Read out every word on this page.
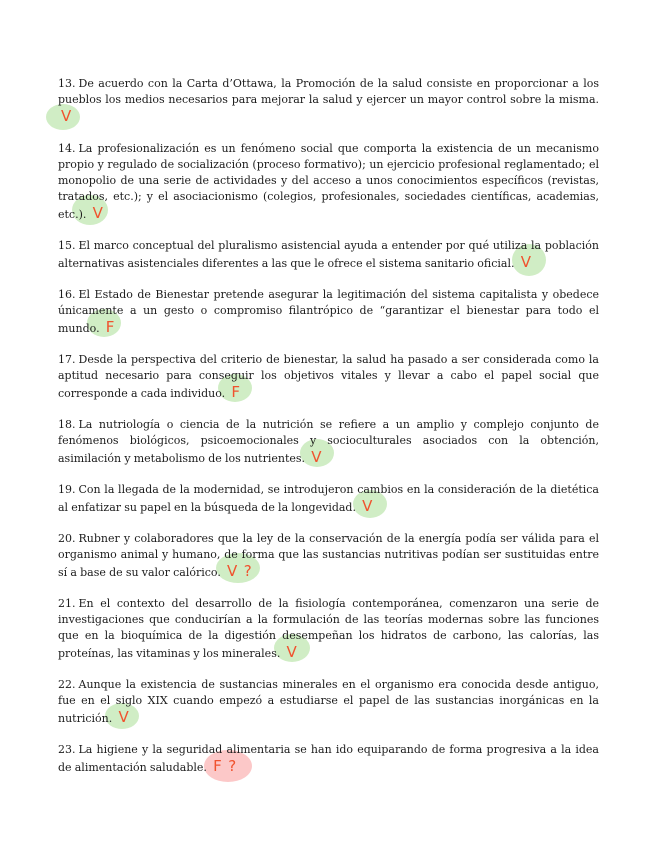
13. De acuerdo con la Carta d’Ottawa, la Promoción de la salud consiste en proporcionar a los pueblos los medios necesarios para mejorar la salud y ejercer un mayor control sobre la misma.
V

14. La profesionalización es un fenómeno social que comporta la existencia de un mecanismo propio y regulado de socialización (proceso formativo); un ejercicio profesional reglamentado; el monopolio de una serie de actividades y del acceso a unos conocimientos específicos (revistas, tratados, etc.); y el asociacionismo (colegios, profesionales, sociedades científicas, academias, etc.). V

15. El marco conceptual del pluralismo asistencial ayuda a entender por qué utiliza la población alternativas asistenciales diferentes a las que le ofrece el sistema sanitario oficial. V

16. El Estado de Bienestar pretende asegurar la legitimación del sistema capitalista y obedece únicamente a un gesto o compromiso filantrópico de “garantizar el bienestar para todo el mundo. F

17. Desde la perspectiva del criterio de bienestar, la salud ha pasado a ser considerada como la aptitud necesario para conseguir los objetivos vitales y llevar a cabo el papel social que corresponde a cada individuo. F

18. La nutriología o ciencia de la nutrición se refiere a un amplio y complejo conjunto de fenómenos biológicos, psicoemocionales y socioculturales asociados con la obtención, asimilación y metabolismo de los nutrientes. V

19. Con la llegada de la modernidad, se introdujeron cambios en la consideración de la dietética al enfatizar su papel en la búsqueda de la longevidad. V

20. Rubner y colaboradores que la ley de la conservación de la energía podía ser válida para el organismo animal y humano, de forma que las sustancias nutritivas podían ser sustituidas entre sí a base de su valor calórico. V ?

21. En el contexto del desarrollo de la fisiología contemporánea, comenzaron una serie de investigaciones que conducirían a la formulación de las teorías modernas sobre las funciones que en la bioquímica de la digestión desempeñan los hidratos de carbono, las calorías, las proteínas, las vitaminas y los minerales. V

22. Aunque la existencia de sustancias minerales en el organismo era conocida desde antiguo, fue en el siglo XIX cuando empezó a estudiarse el papel de las sustancias inorgánicas en la nutrición. V

23. La higiene y la seguridad alimentaria se han ido equiparando de forma progresiva a la idea de alimentación saludable. F ?
